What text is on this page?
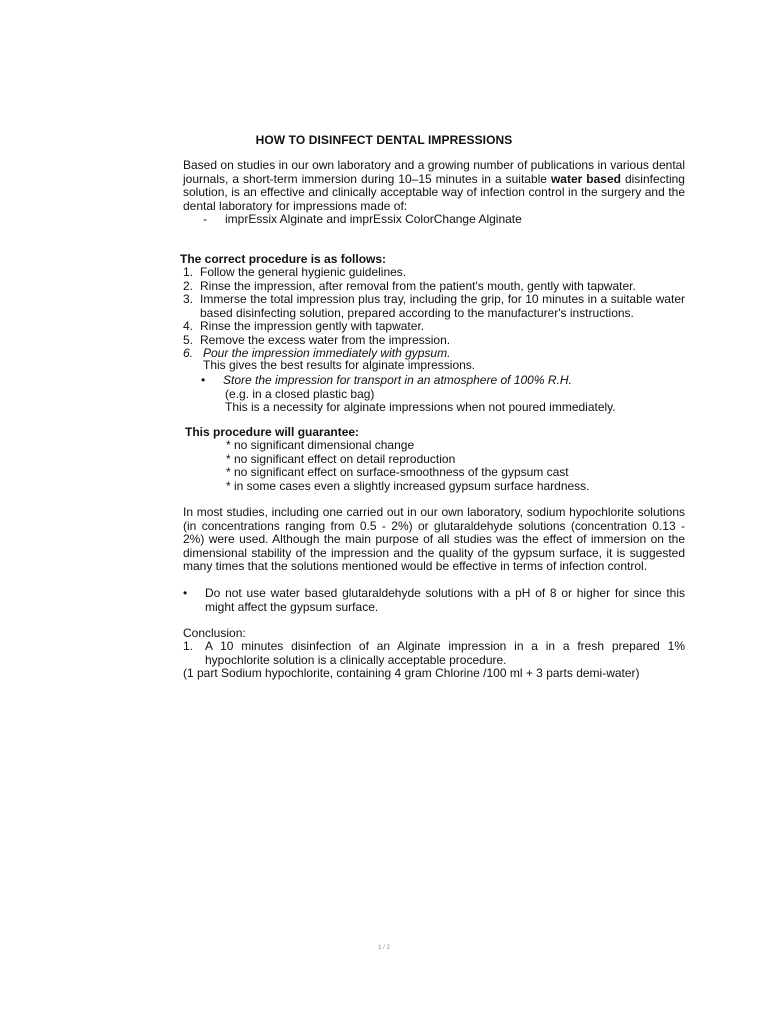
HOW TO DISINFECT DENTAL IMPRESSIONS
Based on studies in our own laboratory and a growing number of publications in various dental journals, a short-term immersion during 10–15 minutes in a suitable water based disinfecting solution, is an effective and clinically acceptable way of infection control in the surgery and the dental laboratory for impressions made of:
- imprEssix Alginate and imprEssix ColorChange Alginate
The correct procedure is as follows:
1. Follow the general hygienic guidelines.
2. Rinse the impression, after removal from the patient's mouth, gently with tapwater.
3. Immerse the total impression plus tray, including the grip, for 10 minutes in a suitable water based disinfecting solution, prepared according to the manufacturer's instructions.
4. Rinse the impression gently with tapwater.
5. Remove the excess water from the impression.
6. Pour the impression immediately with gypsum.
This gives the best results for alginate impressions.
• Store the impression for transport in an atmosphere of 100% R.H.
(e.g. in a closed plastic bag)
This is a necessity for alginate impressions when not poured immediately.
This procedure will guarantee:
* no significant dimensional change
* no significant effect on detail reproduction
* no significant effect on surface-smoothness of the gypsum cast
* in some cases even a slightly increased gypsum surface hardness.
In most studies, including one carried out in our own laboratory, sodium hypochlorite solutions (in concentrations ranging from 0.5 - 2%) or glutaraldehyde solutions (concentration 0.13 - 2%) were used. Although the main purpose of all studies was the effect of immersion on the dimensional stability of the impression and the quality of the gypsum surface, it is suggested many times that the solutions mentioned would be effective in terms of infection control.
• Do not use water based glutaraldehyde solutions with a pH of 8 or higher for since this might affect the gypsum surface.
Conclusion:
1. A 10 minutes disinfection of an Alginate impression in a in a fresh prepared 1% hypochlorite solution is a clinically acceptable procedure.
(1 part Sodium hypochlorite, containing 4 gram Chlorine /100 ml + 3 parts demi-water)
1 / 2
